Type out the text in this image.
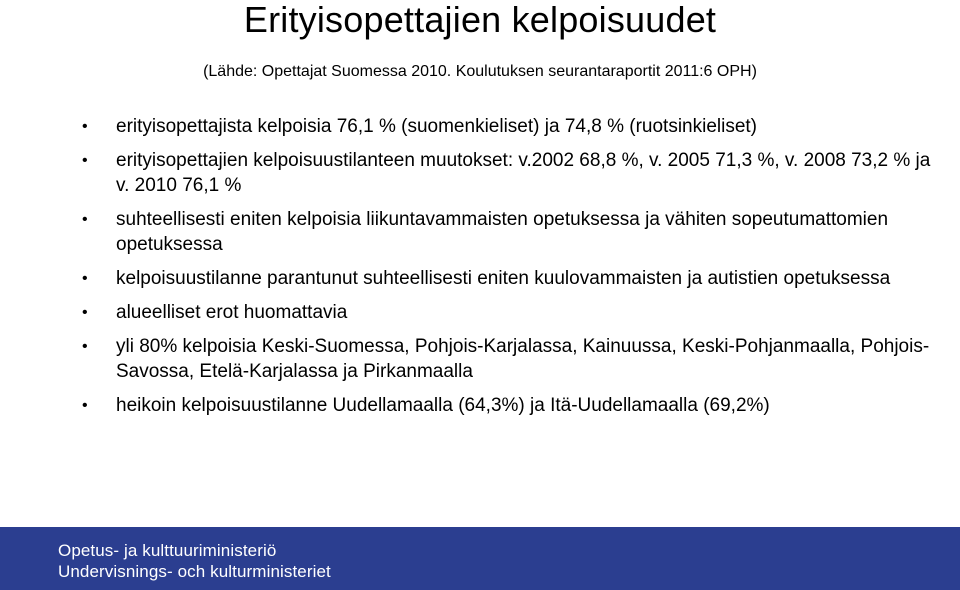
Erityisopettajien kelpoisuudet
(Lähde: Opettajat Suomessa 2010. Koulutuksen seurantaraportit 2011:6 OPH)
•	erityisopettajista kelpoisia 76,1 % (suomenkieliset) ja 74,8 % (ruotsinkieliset)
•	erityisopettajien kelpoisuustilanteen muutokset: v.2002 68,8 %, v. 2005 71,3 %, v. 2008 73,2 % ja v. 2010 76,1 %
•	suhteellisesti eniten kelpoisia liikuntavammaisten opetuksessa ja vähiten sopeutumattomien opetuksessa
•	kelpoisuustilanne parantunut suhteellisesti eniten kuulovammaisten ja autistien opetuksessa
•	alueelliset erot huomattavia
•	yli 80% kelpoisia Keski-Suomessa, Pohjois-Karjalassa, Kainuussa, Keski-Pohjanmaalla, Pohjois-Savossa, Etelä-Karjalassa ja Pirkanmaalla
•	heikoin kelpoisuustilanne Uudellamaalla (64,3%) ja Itä-Uudellamaalla (69,2%)
Opetus- ja kulttuuriministeriö
Undervisnings- och kulturministeriet
